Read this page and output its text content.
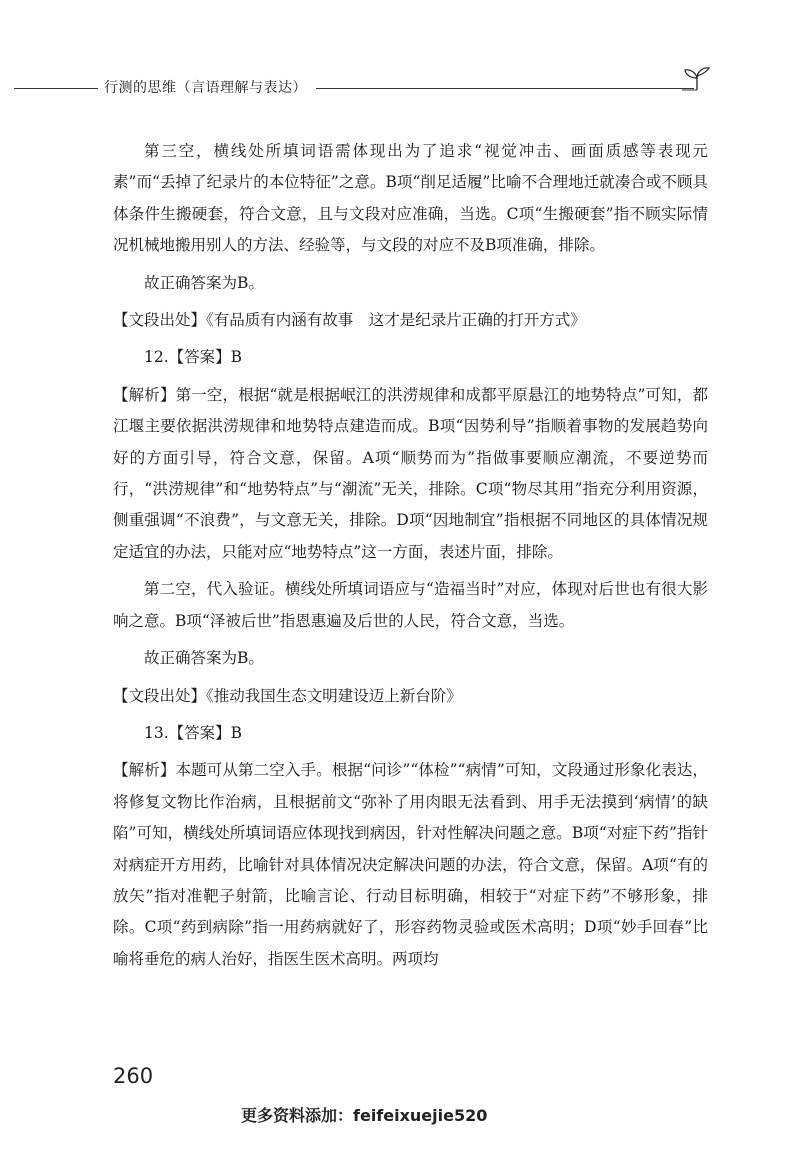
行测的思维（言语理解与表达）

第三空，横线处所填词语需体现出为了追求“视觉冲击、画面质感等表现元素”而“丢掉了纪录片的本位特征”之意。B项“削足适履”比喻不合理地迁就凑合或不顾具体条件生搬硬套，符合文意，且与文段对应准确，当选。C项“生搬硬套”指不顾实际情况机械地搬用别人的方法、经验等，与文段的对应不及B项准确，排除。

故正确答案为B。

【文段出处】《有品质有内涵有故事　这才是纪录片正确的打开方式》

12.【答案】B

【解析】第一空，根据“就是根据岷江的洪涝规律和成都平原悬江的地势特点”可知，都江堰主要依据洪涝规律和地势特点建造而成。B项“因势利导”指顺着事物的发展趋势向好的方面引导，符合文意，保留。A项“顺势而为”指做事要顺应潮流，不要逆势而行，“洪涝规律”和“地势特点”与“潮流”无关，排除。C项“物尽其用”指充分利用资源，侧重强调“不浪费”，与文意无关，排除。D项“因地制宜”指根据不同地区的具体情况规定适宜的办法，只能对应“地势特点”这一方面，表述片面，排除。

第二空，代入验证。横线处所填词语应与“造福当时”对应，体现对后世也有很大影响之意。B项“泽被后世”指恩惠遍及后世的人民，符合文意，当选。

故正确答案为B。

【文段出处】《推动我国生态文明建设迈上新台阶》

13.【答案】B

【解析】本题可从第二空入手。根据“问诊”“体检”“病情”可知，文段通过形象化表达，将修复文物比作治病，且根据前文“弥补了用肉眼无法看到、用手无法摸到‘病情’的缺陷”可知，横线处所填词语应体现找到病因，针对性解决问题之意。B项“对症下药”指针对病症开方用药，比喻针对具体情况决定解决问题的办法，符合文意，保留。A项“有的放矢”指对准靶子射箭，比喻言论、行动目标明确，相较于“对症下药”不够形象，排除。C项“药到病除”指一用药病就好了，形容药物灵验或医术高明；D项“妙手回春”比喻将垂危的病人治好，指医生医术高明。两项均

260
更多资料添加：feifeixuejie520
